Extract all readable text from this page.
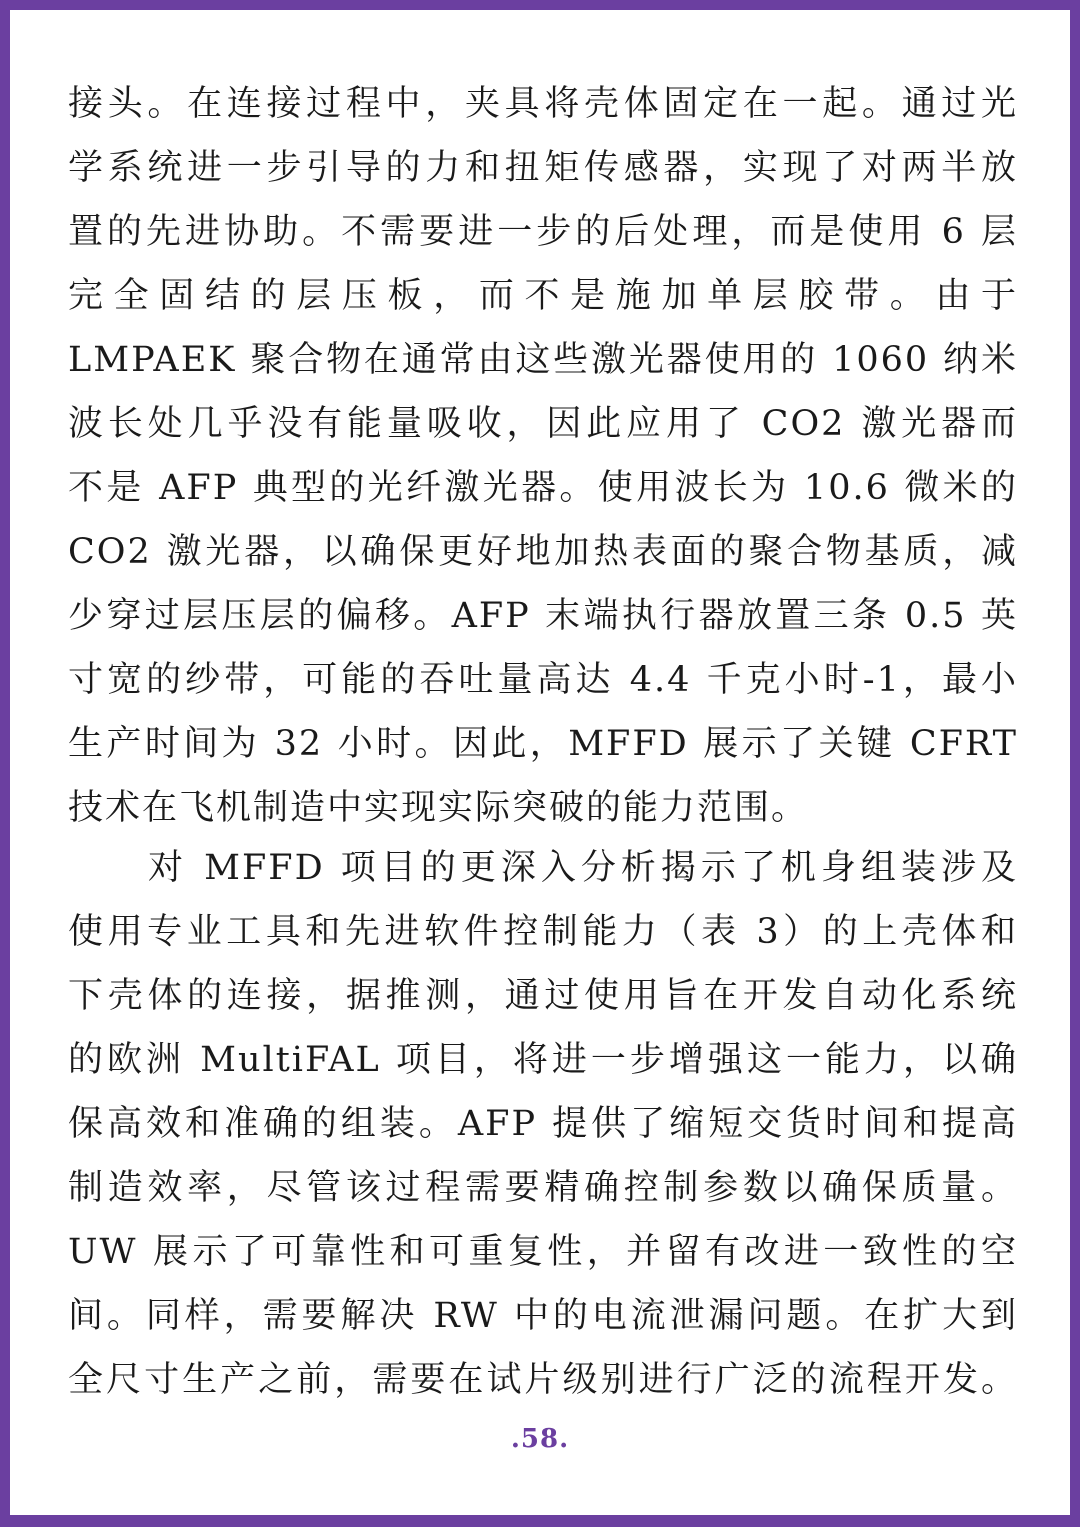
接头。在连接过程中，夹具将壳体固定在一起。通过光
学系统进一步引导的力和扭矩传感器，实现了对两半放
置的先进协助。不需要进一步的后处理，而是使用 6 层
完全固结的层压板，而不是施加单层胶带。由于
LMPAEK 聚合物在通常由这些激光器使用的 1060 纳米
波长处几乎没有能量吸收，因此应用了 CO2 激光器而
不是 AFP 典型的光纤激光器。使用波长为 10.6 微米的
CO2 激光器，以确保更好地加热表面的聚合物基质，减
少穿过层压层的偏移。AFP 末端执行器放置三条 0.5 英
寸宽的纱带，可能的吞吐量高达 4.4 千克小时-1，最小
生产时间为 32 小时。因此，MFFD 展示了关键 CFRT
技术在飞机制造中实现实际突破的能力范围。
　　对 MFFD 项目的更深入分析揭示了机身组装涉及
使用专业工具和先进软件控制能力（表 3）的上壳体和
下壳体的连接，据推测，通过使用旨在开发自动化系统
的欧洲 MultiFAL 项目，将进一步增强这一能力，以确
保高效和准确的组装。AFP 提供了缩短交货时间和提高
制造效率，尽管该过程需要精确控制参数以确保质量。
UW 展示了可靠性和可重复性，并留有改进一致性的空
间。同样，需要解决 RW 中的电流泄漏问题。在扩大到
全尺寸生产之前，需要在试片级别进行广泛的流程开发。
.58.
